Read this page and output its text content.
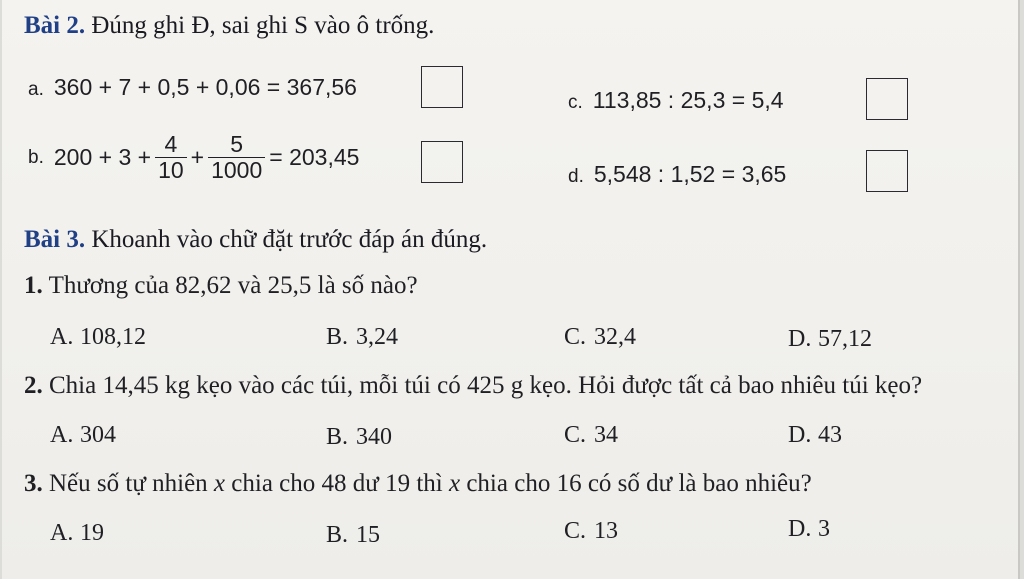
Bài 2. Đúng ghi Đ, sai ghi S vào ô trống.
a. 360 + 7 + 0,5 + 0,06 = 367,56
b. $200 + 3 + \frac{4}{10} + \frac{5}{1000} = 203,45$
c. 113,85 : 25,3 = 5,4
d. 5,548 : 1,52 = 3,65
Bài 3. Khoanh vào chữ đặt trước đáp án đúng.
1. Thương của 82,62 và 25,5 là số nào?
A. 108,12	B. 3,24	C. 32,4	D. 57,12
2. Chia 14,45 kg kẹo vào các túi, mỗi túi có 425 g kẹo. Hỏi được tất cả bao nhiêu túi kẹo?
A. 304	B. 340	C. 34	D. 43
3. Nếu số tự nhiên x chia cho 48 dư 19 thì x chia cho 16 có số dư là bao nhiêu?
A. 19	B. 15	C. 13	D. 3
